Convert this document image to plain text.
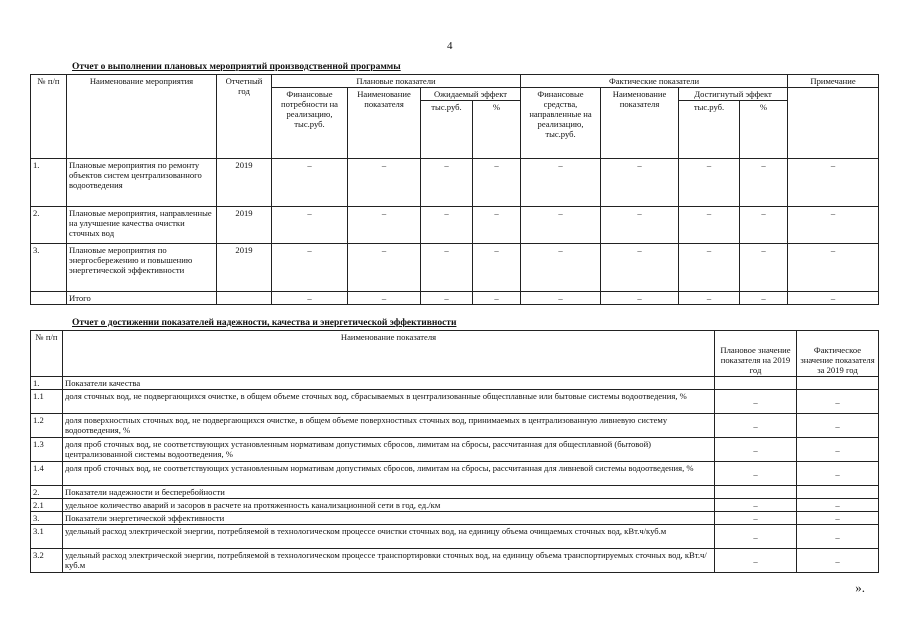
4
Отчет о выполнении плановых мероприятий производственной программы
№ п/п	Наименование мероприятия	Отчетный год	Плановые показатели				Фактические показатели				Примечание
			Финансовые потребности на реализацию, тыс.руб.	Наименование показателя	Ожидаемый эффект		Финансовые средства, направленные на реализацию, тыс.руб.	Наименование показателя	Достигнутый эффект		
					тыс.руб.	%			тыс.руб.	%	
1.	Плановые мероприятия по ремонту объектов систем централизованного водоотведения	2019	–	–	–	–	–	–	–	–	–
2.	Плановые мероприятия, направленные на улучшение качества очистки сточных вод	2019	–	–	–	–	–	–	–	–	–
3.	Плановые мероприятия по энергосбережению и повышению энергетической эффективности	2019	–	–	–	–	–	–	–	–	–
	Итого		–	–	–	–	–	–	–	–	–
Отчет о достижении показателей надежности, качества и энергетической эффективности
№ п/п	Наименование показателя	Плановое значение показателя на 2019 год	Фактическое значение показателя за 2019 год
1.	Показатели качества		
1.1	доля сточных вод, не подвергающихся очистке, в общем объеме сточных вод, сбрасываемых в централизованные общесплавные или бытовые системы водоотведения, %	–	–
1.2	доля поверхностных сточных вод, не подвергающихся очистке, в общем объеме поверхностных сточных вод, принимаемых в централизованную ливневую систему водоотведения, %	–	–
1.3	доля проб сточных вод, не соответствующих установленным нормативам допустимых сбросов, лимитам на сбросы, рассчитанная для общесплавной (бытовой) централизованной системы водоотведения, %	–	–
1.4	доля проб сточных вод, не соответствующих установленным нормативам допустимых сбросов, лимитам на сбросы, рассчитанная для ливневой системы водоотведения, %	–	–
2.	Показатели надежности и бесперебойности		
2.1	удельное количество аварий и засоров в расчете на протяженность канализационной сети в год, ед./км	–	–
3.	Показатели энергетической эффективности	–	–
3.1	удельный расход электрической энергии, потребляемой в технологическом процессе очистки сточных вод, на единицу объема очищаемых сточных вод, кВт.ч/куб.м	–	–
3.2	удельный расход электрической энергии, потребляемой в технологическом процессе транспортировки сточных вод, на единицу объема транспортируемых сточных вод, кВт.ч/куб.м	–	–
».
